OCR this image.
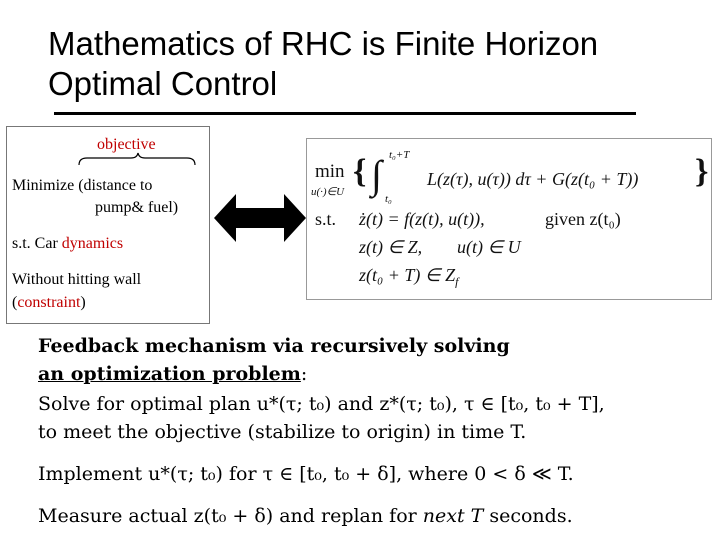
Mathematics of RHC is Finite Horizon
Optimal Control
objective
Minimize (distance to
pump& fuel)
s.t. Car dynamics
Without hitting wall
(constraint)
min
u(·)∈U
{ t₀+T
∫
t₀
L(z(τ), u(τ)) dτ + G(z(t₀ + T)) }
s.t. ż(t) = f(z(t), u(t)),	given z(t₀)
z(t) ∈ Z, u(t) ∈ U
z(t₀ + T) ∈ $Z_f$
Feedback mechanism via recursively solving
an optimization problem:
Solve for optimal plan u*(τ; t₀) and z*(τ; t₀), τ ∈ [t₀, t₀ + T],
to meet the objective (stabilize to origin) in time T.
Implement u*(τ; t₀) for τ ∈ [t₀, t₀ + δ], where 0 < δ ≪ T.
Measure actual z(t₀ + δ) and replan for next T seconds.
